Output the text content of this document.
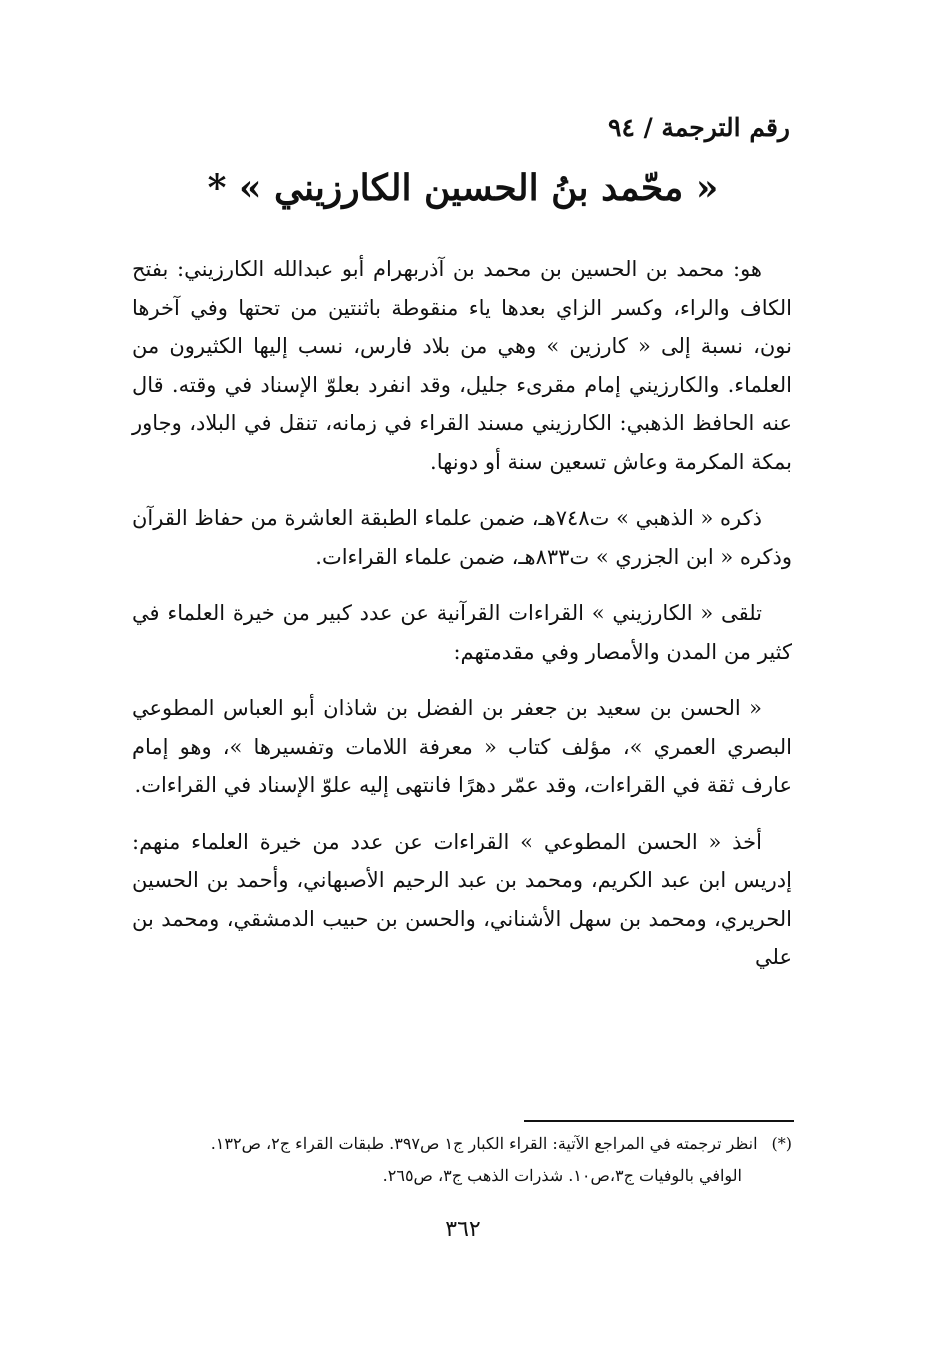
رقم الترجمة / ٩٤
« محّمد بنُ الحسين الكارزيني » *

هو: محمد بن الحسين بن محمد بن آذربهرام أبو عبدالله الكارزيني: بفتح الكاف والراء، وكسر الزاي بعدها ياء منقوطة باثنتين من تحتها وفي آخرها نون، نسبة إلى « كارزين » وهي من بلاد فارس، نسب إليها الكثيرون من العلماء. والكارزيني إمام مقرىء جليل، وقد انفرد بعلوّ الإسناد في وقته. قال عنه الحافظ الذهبي: الكارزيني مسند القراء في زمانه، تنقل في البلاد، وجاور بمكة المكرمة وعاش تسعين سنة أو دونها.

ذكره « الذهبي » ت٧٤٨هـ، ضمن علماء الطبقة العاشرة من حفاظ القرآن وذكره « ابن الجزري » ت٨٣٣هـ، ضمن علماء القراءات.

تلقى « الكارزيني » القراءات القرآنية عن عدد كبير من خيرة العلماء في كثير من المدن والأمصار وفي مقدمتهم:

« الحسن بن سعيد بن جعفر بن الفضل بن شاذان أبو العباس المطوعي البصري العمري »، مؤلف كتاب « معرفة اللامات وتفسيرها »، وهو إمام عارف ثقة في القراءات، وقد عمّر دهرًا فانتهى إليه علوّ الإسناد في القراءات.

أخذ « الحسن المطوعي » القراءات عن عدد من خيرة العلماء منهم: إدريس ابن عبد الكريم، ومحمد بن عبد الرحيم الأصبهاني، وأحمد بن الحسين الحريري، ومحمد بن سهل الأشناني، والحسن بن حبيب الدمشقي، ومحمد بن علي

(*)انظر ترجمته في المراجع الآتية: القراء الكبار ج١ ص٣٩٧. طبقات القراء ج٢، ص١٣٢.
الوافي بالوفيات ج٣،ص١٠. شذرات الذهب ج٣، ص٢٦٥.
٣٦٢
